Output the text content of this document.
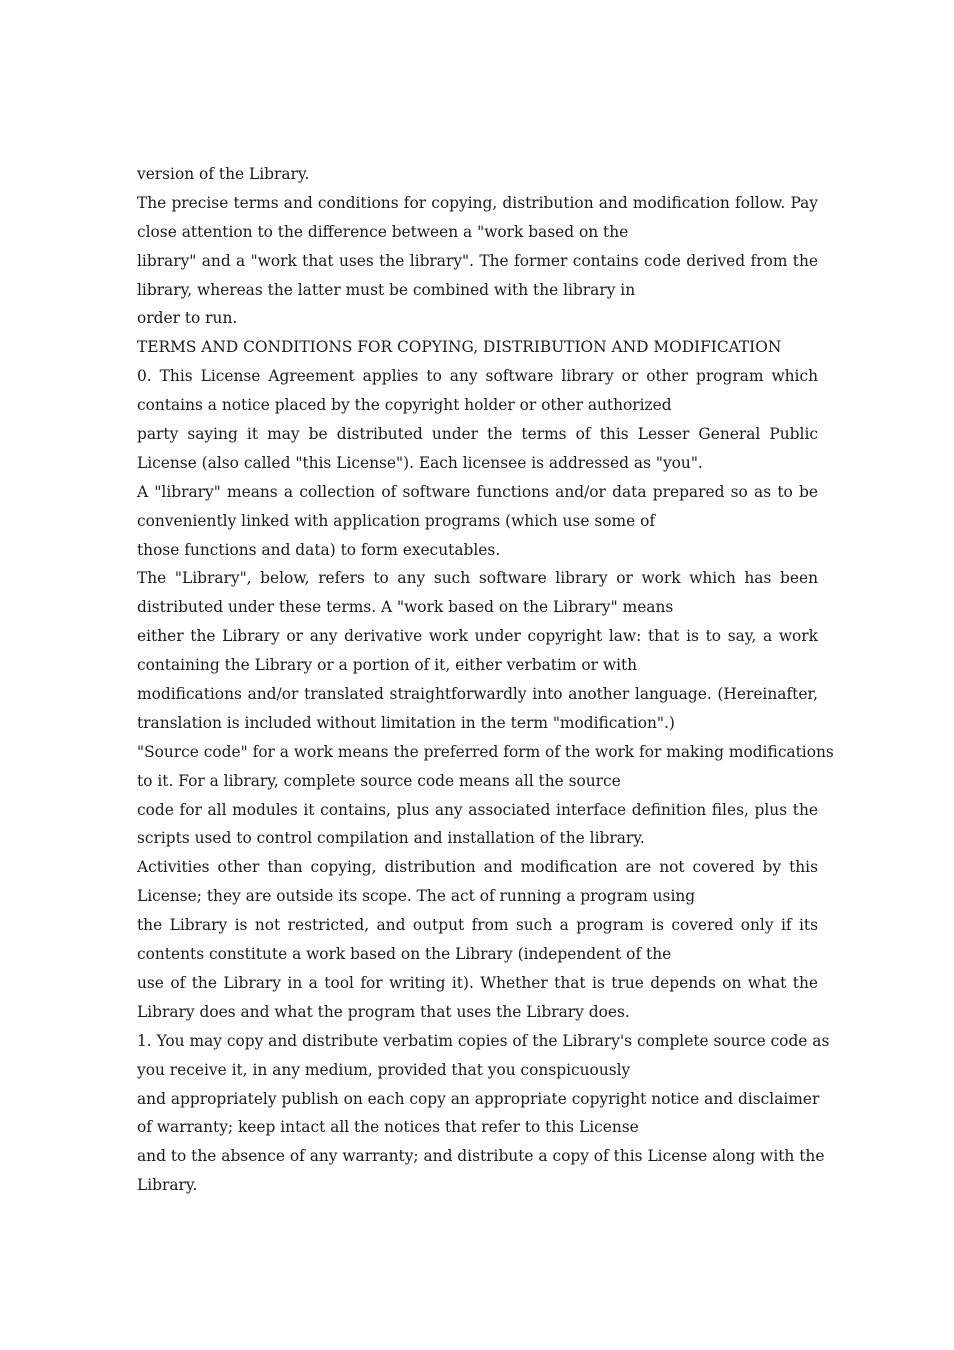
version of the Library.
The precise terms and conditions for copying, distribution and modification follow. Pay
close attention to the difference between a "work based on the
library" and a "work that uses the library". The former contains code derived from the
library, whereas the latter must be combined with the library in
order to run.
TERMS AND CONDITIONS FOR COPYING, DISTRIBUTION AND MODIFICATION
0. This License Agreement applies to any software library or other program which
contains a notice placed by the copyright holder or other authorized
party saying it may be distributed under the terms of this Lesser General Public
License (also called "this License"). Each licensee is addressed as "you".
A "library" means a collection of software functions and/or data prepared so as to be
conveniently linked with application programs (which use some of
those functions and data) to form executables.
The "Library", below, refers to any such software library or work which has been
distributed under these terms. A "work based on the Library" means
either the Library or any derivative work under copyright law: that is to say, a work
containing the Library or a portion of it, either verbatim or with
modifications and/or translated straightforwardly into another language. (Hereinafter,
translation is included without limitation in the term "modification".)
"Source code" for a work means the preferred form of the work for making modifications
to it. For a library, complete source code means all the source
code for all modules it contains, plus any associated interface definition files, plus the
scripts used to control compilation and installation of the library.
Activities other than copying, distribution and modification are not covered by this
License; they are outside its scope. The act of running a program using
the Library is not restricted, and output from such a program is covered only if its
contents constitute a work based on the Library (independent of the
use of the Library in a tool for writing it). Whether that is true depends on what the
Library does and what the program that uses the Library does.
1. You may copy and distribute verbatim copies of the Library's complete source code as
you receive it, in any medium, provided that you conspicuously
and appropriately publish on each copy an appropriate copyright notice and disclaimer
of warranty; keep intact all the notices that refer to this License
and to the absence of any warranty; and distribute a copy of this License along with the
Library.
